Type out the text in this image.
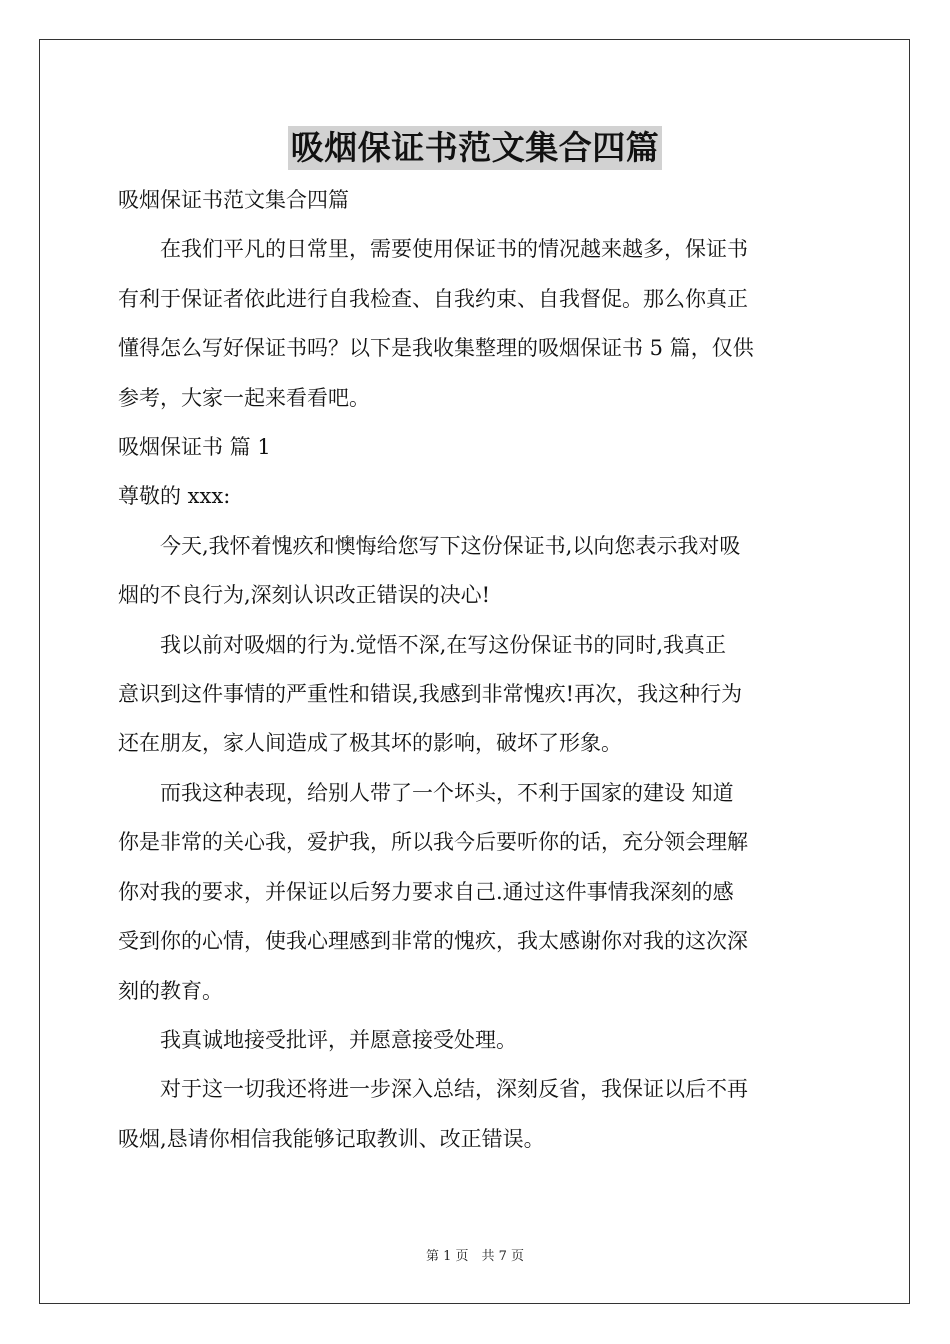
吸烟保证书范文集合四篇

吸烟保证书范文集合四篇

在我们平凡的日常里，需要使用保证书的情况越来越多，保证书
有利于保证者依此进行自我检查、自我约束、自我督促。那么你真正
懂得怎么写好保证书吗？以下是我收集整理的吸烟保证书 5 篇，仅供
参考，大家一起来看看吧。

吸烟保证书 篇 1

尊敬的 xxx:

今天,我怀着愧疚和懊悔给您写下这份保证书,以向您表示我对吸
烟的不良行为,深刻认识改正错误的决心!
我以前对吸烟的行为.觉悟不深,在写这份保证书的同时,我真正
意识到这件事情的严重性和错误,我感到非常愧疚!再次，我这种行为
还在朋友，家人间造成了极其坏的影响，破坏了形象。
而我这种表现，给别人带了一个坏头，不利于国家的建设 知道
你是非常的关心我，爱护我，所以我今后要听你的话，充分领会理解
你对我的要求，并保证以后努力要求自己.通过这件事情我深刻的感
受到你的心情，使我心理感到非常的愧疚，我太感谢你对我的这次深
刻的教育。
我真诚地接受批评，并愿意接受处理。
对于这一切我还将进一步深入总结，深刻反省，我保证以后不再
吸烟,恳请你相信我能够记取教训、改正错误。
第 1 页　共 7 页
